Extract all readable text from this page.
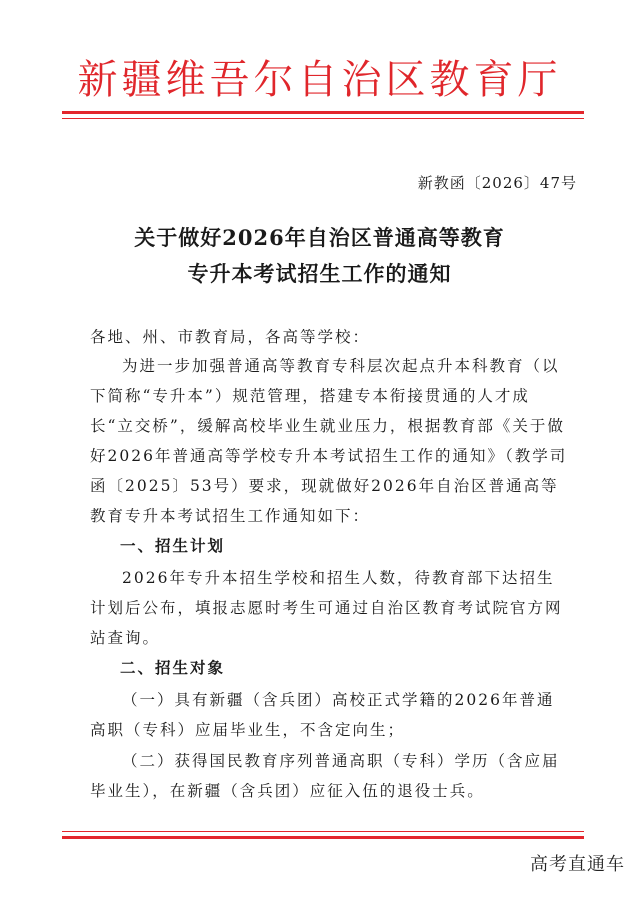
新疆维吾尔自治区教育厅
新教函〔2026〕47号
关于做好2026年自治区普通高等教育
专升本考试招生工作的通知

各地、州、市教育局，各高等学校：

为进一步加强普通高等教育专科层次起点升本科教育（以下简称“专升本”）规范管理，搭建专本衔接贯通的人才成长“立交桥”，缓解高校毕业生就业压力，根据教育部《关于做好2026年普通高等学校专升本考试招生工作的通知》（教学司函〔2025〕53号）要求，现就做好2026年自治区普通高等教育专升本考试招生工作通知如下：

一、招生计划

2026年专升本招生学校和招生人数，待教育部下达招生计划后公布，填报志愿时考生可通过自治区教育考试院官方网站查询。

二、招生对象

（一）具有新疆（含兵团）高校正式学籍的2026年普通高职（专科）应届毕业生，不含定向生；

（二）获得国民教育序列普通高职（专科）学历（含应届毕业生），在新疆（含兵团）应征入伍的退役士兵。

高考直通车
